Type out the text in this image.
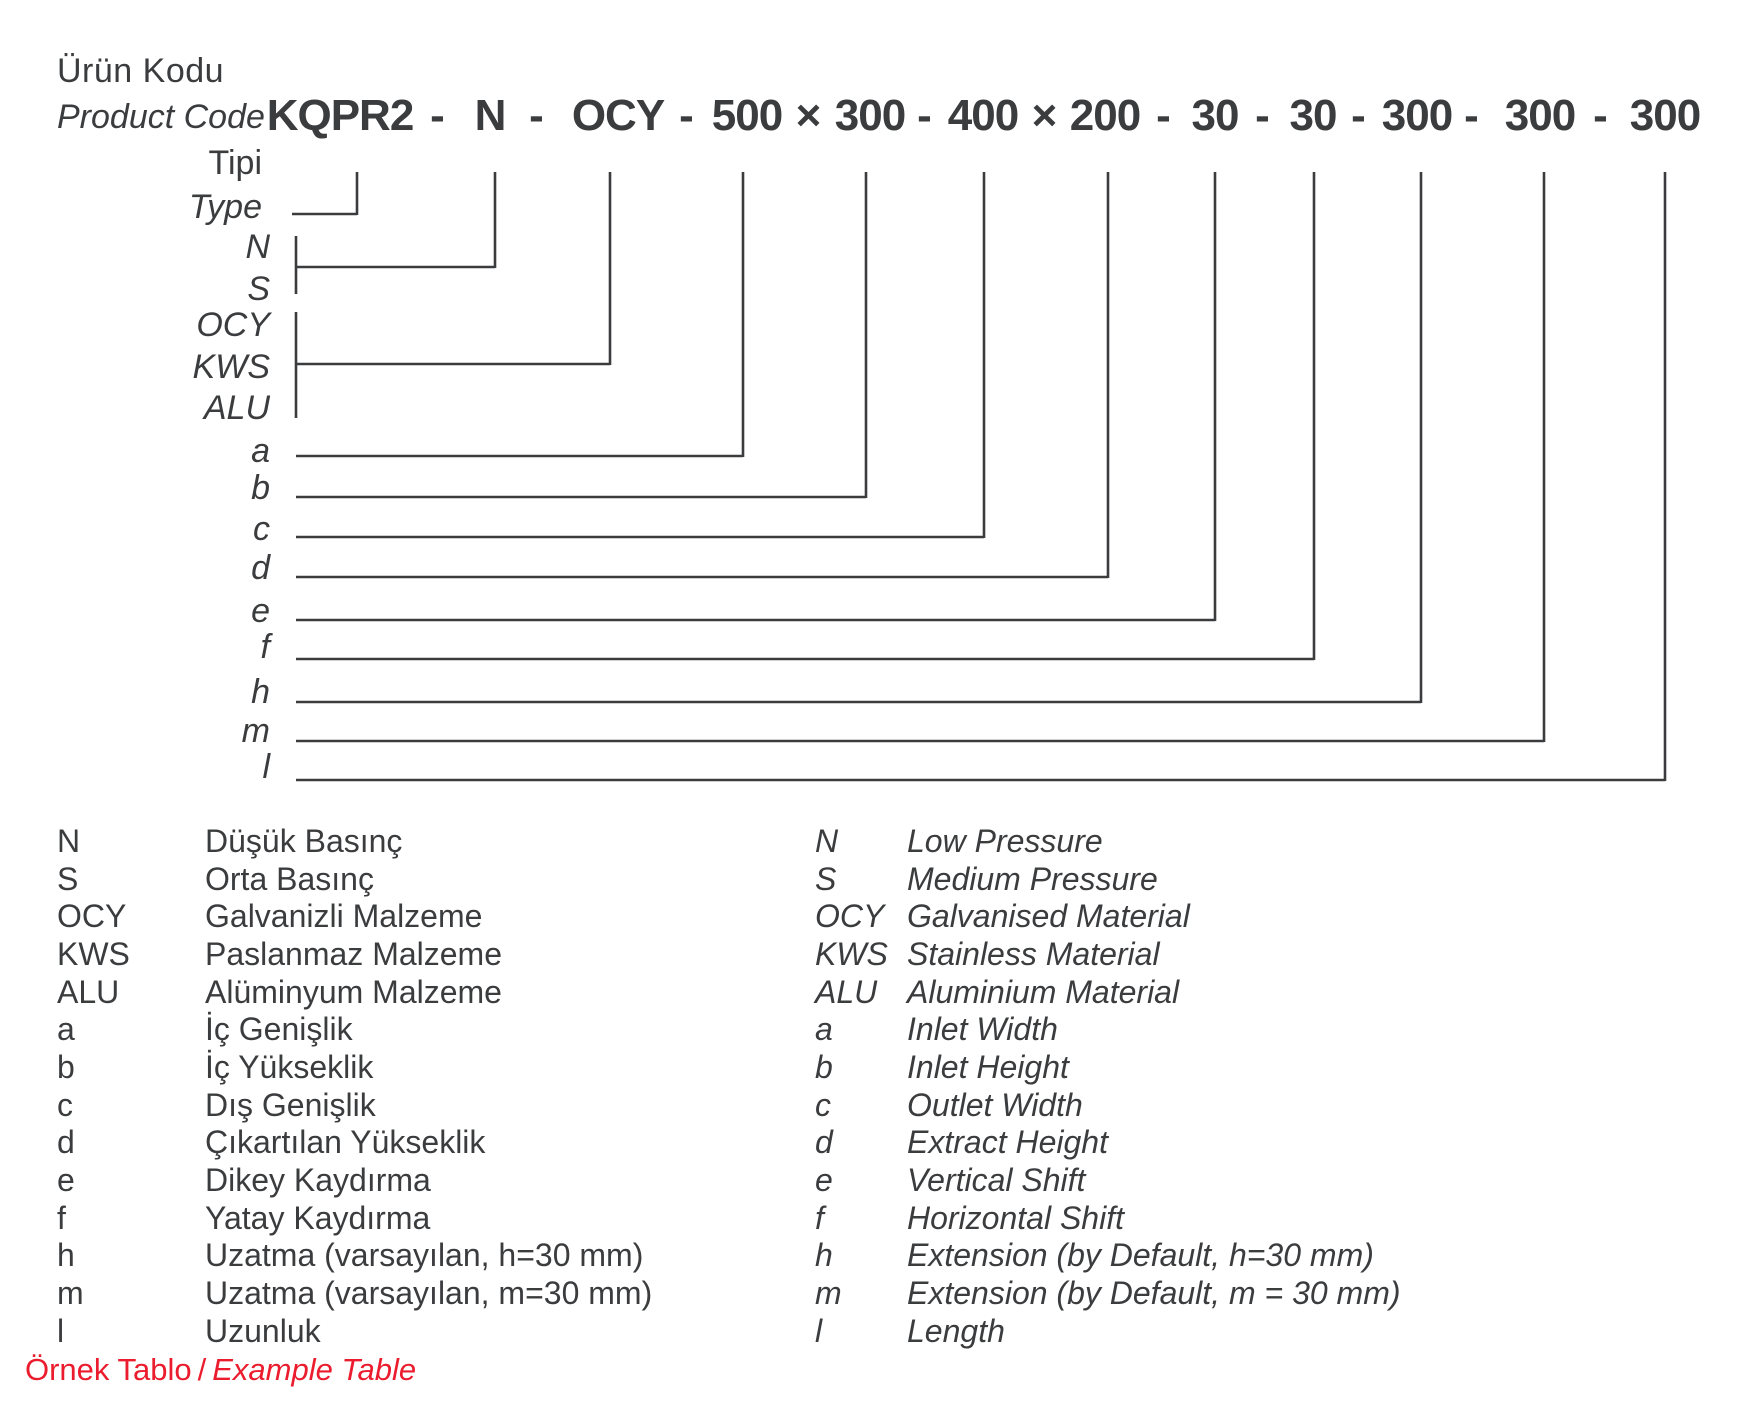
Ürün Kodu
Product Code KQPR2 - N - OCY - 500 × 300 - 400 × 200 - 30 - 30 - 300 - 300 - 300
Tipi
Type
N
S
OCY
KWS
ALU
a
b
c
d
e
f
h
m
l
N	Düşük Basınç
S	Orta Basınç
OCY	Galvanizli Malzeme
KWS	Paslanmaz Malzeme
ALU	Alüminyum Malzeme
a	İç Genişlik
b	İç Yükseklik
c	Dış Genişlik
d	Çıkartılan Yükseklik
e	Dikey Kaydırma
f	Yatay Kaydırma
h	Uzatma (varsayılan, h=30 mm)
m	Uzatma (varsayılan, m=30 mm)
l	Uzunluk
N	Low Pressure
S	Medium Pressure
OCY Galvanised Material
KWS Stainless Material
ALU Aluminium Material
a	Inlet Width
b	Inlet Height
c	Outlet Width
d	Extract Height
e	Vertical Shift
f	Horizontal Shift
h	Extension (by Default, h=30 mm)
m	Extension (by Default, m = 30 mm)
l	Length
Örnek Tablo / Example Table
